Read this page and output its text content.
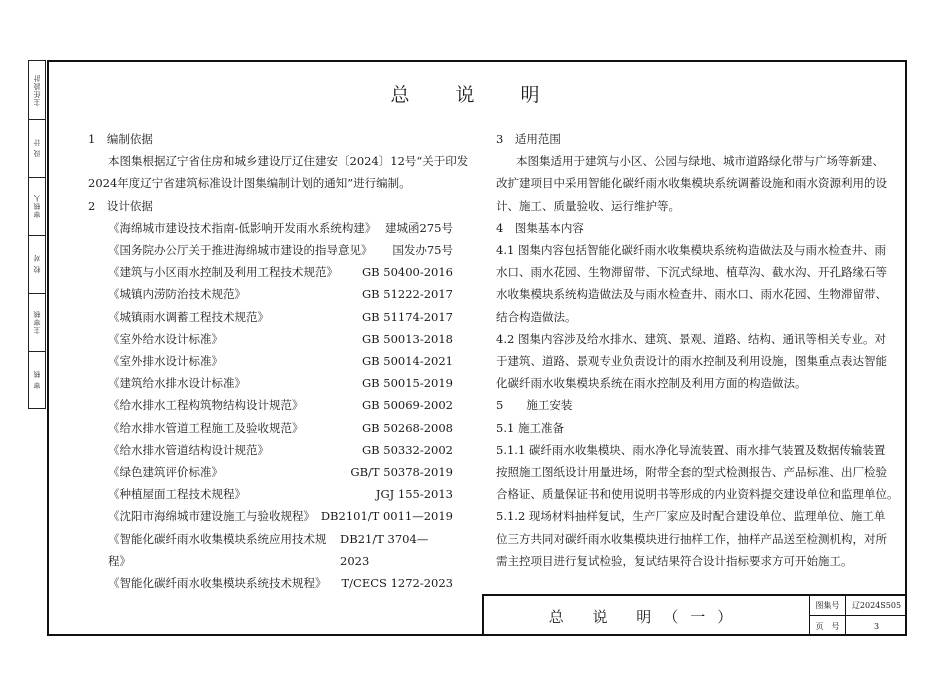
主任設計
设 计
审核人
校 对
主审核
审 核
总 说 明
1　编制依据
本图集根据辽宁省住房和城乡建设厅辽住建安〔2024〕12号“关于印发
2024年度辽宁省建筑标准设计图集编制计划的通知”进行编制。
2　设计依据
《海绵城市建设技术指南-低影响开发雨水系统构建》 建城函275号
《国务院办公厅关于推进海绵城市建设的指导意见》 国发办75号
《建筑与小区雨水控制及利用工程技术规范》 GB 50400-2016
《城镇内涝防治技术规范》	GB 51222-2017
《城镇雨水调蓄工程技术规范》	GB 51174-2017
《室外给水设计标准》	GB 50013-2018
《室外排水设计标准》	GB 50014-2021
《建筑给水排水设计标准》	GB 50015-2019
《给水排水工程构筑物结构设计规范》	GB 50069-2002
《给水排水管道工程施工及验收规范》	GB 50268-2008
《给水排水管道结构设计规范》	GB 50332-2002
《绿色建筑评价标准》	GB/T 50378-2019
《种植屋面工程技术规程》	JGJ 155-2013
《沈阳市海绵城市建设施工与验收规程》 DB2101/T 0011—2019
《智能化碳纤雨水收集模块系统应用技术规程》
DB21/T 3704—2023
《智能化碳纤雨水收集模块系统技术规程》 T/CECS 1272-2023
3　适用范围
本图集适用于建筑与小区、公园与绿地、城市道路绿化带与广场等新建、
改扩建项目中采用智能化碳纤雨水收集模块系统调蓄设施和雨水资源利用的设
计、施工、质量验收、运行维护等。
4　图集基本内容
4.1 图集内容包括智能化碳纤雨水收集模块系统构造做法及与雨水检查井、雨
水口、雨水花园、生物滞留带、下沉式绿地、植草沟、截水沟、开孔路缘石等
水收集模块系统构造做法及与雨水检查井、雨水口、雨水花园、生物滞留带、
结合构造做法。
4.2 图集内容涉及给水排水、建筑、景观、道路、结构、通讯等相关专业。对
于建筑、道路、景观专业负责设计的雨水控制及利用设施，图集重点表达智能
化碳纤雨水收集模块系统在雨水控制及利用方面的构造做法。
5　　施工安装
5.1 施工准备
5.1.1 碳纤雨水收集模块、雨水净化导流装置、雨水排气装置及数据传输装置
按照施工图纸设计用量进场，附带全套的型式检测报告、产品标准、出厂检验
合格证、质量保证书和使用说明书等形成的内业资料提交建设单位和监理单位。
5.1.2 现场材料抽样复试，生产厂家应及时配合建设单位、监理单位、施工单
位三方共同对碳纤雨水收集模块进行抽样工作，抽样产品送至检测机构，对所
需主控项目进行复试检验，复试结果符合设计指标要求方可开始施工。
总 说 明（一）
图集号	辽2024S505
页　号	3
